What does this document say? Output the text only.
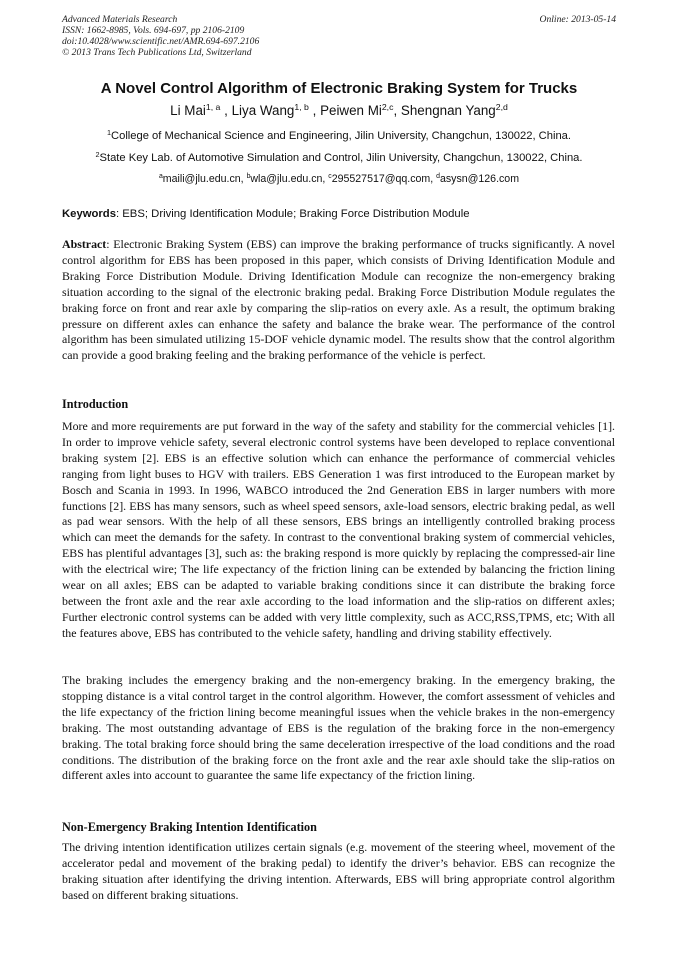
Advanced Materials Research
ISSN: 1662-8985, Vols. 694-697, pp 2106-2109
doi:10.4028/www.scientific.net/AMR.694-697.2106
© 2013 Trans Tech Publications Ltd, Switzerland
Online: 2013-05-14
A Novel Control Algorithm of Electronic Braking System for Trucks
Li Mai$^{1, a}$ , Liya Wang$^{1, b}$ , Peiwen Mi$^{2,c}$, Shengnan Yang$^{2,d}$
$^1$College of Mechanical Science and Engineering, Jilin University, Changchun, 130022, China.
$^2$State Key Lab. of Automotive Simulation and Control, Jilin University, Changchun, 130022, China.
$^a$maili@jlu.edu.cn, $^b$wla@jlu.edu.cn, $^c$295527517@qq.com, $^d$asysn@126.com
Keywords: EBS; Driving Identification Module; Braking Force Distribution Module
Abstract: Electronic Braking System (EBS) can improve the braking performance of trucks significantly. A novel control algorithm for EBS has been proposed in this paper, which consists of Driving Identification Module and Braking Force Distribution Module. Driving Identification Module can recognize the non-emergency braking situation according to the signal of the electronic braking pedal. Braking Force Distribution Module regulates the braking force on front and rear axle by comparing the slip-ratios on every axle. As a result, the optimum braking pressure on different axles can enhance the safety and balance the brake wear. The performance of the control algorithm has been simulated utilizing 15-DOF vehicle dynamic model. The results show that the control algorithm can provide a good braking feeling and the braking performance of the vehicle is perfect.
Introduction
More and more requirements are put forward in the way of the safety and stability for the commercial vehicles [1]. In order to improve vehicle safety, several electronic control systems have been developed to replace conventional braking system [2]. EBS is an effective solution which can enhance the performance of commercial vehicles ranging from light buses to HGV with trailers. EBS Generation 1 was first introduced to the European market by Bosch and Scania in 1993. In 1996, WABCO introduced the 2nd Generation EBS in larger numbers with more functions [2]. EBS has many sensors, such as wheel speed sensors, axle-load sensors, electric braking pedal, as well as pad wear sensors. With the help of all these sensors, EBS brings an intelligently controlled braking process which can meet the demands for the safety. In contrast to the conventional braking system of commercial vehicles, EBS has plentiful advantages [3], such as: the braking respond is more quickly by replacing the compressed-air line with the electrical wire; The life expectancy of the friction lining can be extended by balancing the friction lining wear on all axles; EBS can be adapted to variable braking conditions since it can distribute the braking force between the front axle and the rear axle according to the load information and the slip-ratios on different axles; Further electronic control systems can be added with very little complexity, such as ACC,RSS,TPMS, etc; With all the features above, EBS has contributed to the vehicle safety, handling and driving stability effectively.
The braking includes the emergency braking and the non-emergency braking. In the emergency braking, the stopping distance is a vital control target in the control algorithm. However, the comfort assessment of vehicles and the life expectancy of the friction lining become meaningful issues when the vehicle brakes in the non-emergency braking. The most outstanding advantage of EBS is the regulation of the braking force in the non-emergency braking. The total braking force should bring the same deceleration irrespective of the load conditions and the road conditions. The distribution of the braking force on the front axle and the rear axle should take the slip-ratios on different axles into account to guarantee the same life expectancy of the friction lining.
Non-Emergency Braking Intention Identification
The driving intention identification utilizes certain signals (e.g. movement of the steering wheel, movement of the accelerator pedal and movement of the braking pedal) to identify the driver’s behavior. EBS can recognize the braking situation after identifying the driving intention. Afterwards, EBS will bring appropriate control algorithm based on different braking situations.
